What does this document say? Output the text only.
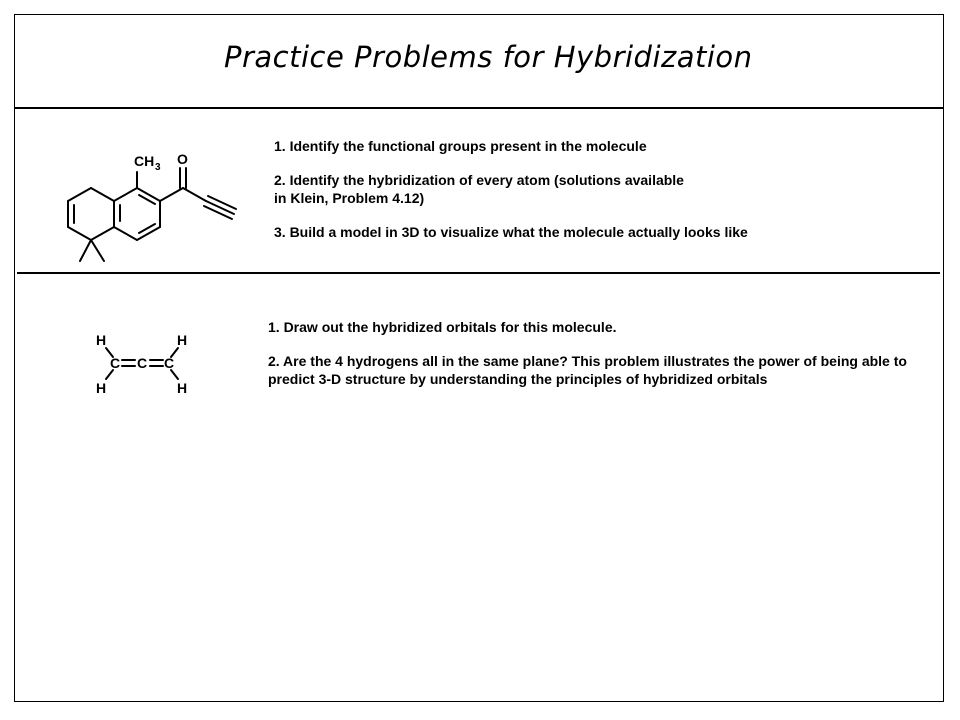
Practice Problems for Hybridization
CH 3
O

1. Identify the functional groups present in the molecule

2. Identify the hybridization of every atom (solutions available in Klein, Problem 4.12)

3. Build a model in 3D to visualize what the molecule actually looks like

H	H
H	H
C C C

1. Draw out the hybridized orbitals for this molecule.

2. Are the 4 hydrogens all in the same plane? This problem illustrates the power of being able to predict 3-D structure by understanding the principles of hybridized orbitals
